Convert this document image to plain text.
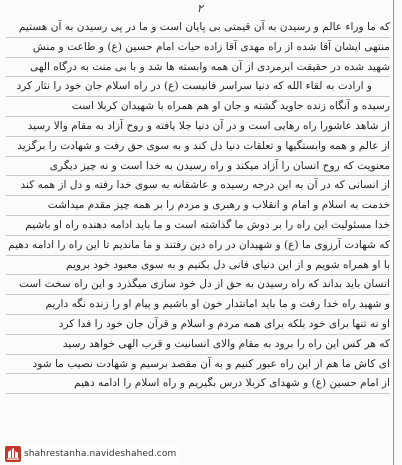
۲
که ما وراء عالم و رسیدن به آن قیمتی بی پایان است و ما در پی رسیدن به آن هستیم
منتهی ایشان آقا شده از راه مهدی آقا زاده حیات امام حسین (ع) و طاعت و منش
شهید شده در حقیقت ابرمردی از آن همه وابسته ها شد و با بی منت به درگاه الهی
و ارادت به لقاء الله که دنیا سراسر فانیست (ع) در راه اسلام جان خود را نثار کرد
رسیده و آنگاه زنده جاوید گشته و جان او هم همراه با شهیدان کربلا است
از شاهد عاشورا راه رهایی است و در آن دنیا جلا یافته و روح آزاد به مقام والا رسید
از عالم و همه وابستگیها و تعلقات دنیا دل کند و به سوی حق رفت و شهادت را برگزید
معنویت که روح انسان را آزاد میکند و راه رسیدن به خدا است و نه چیز دیگری
از انسانی که در آن به این درجه رسیده و عاشقانه به سوی خدا رفته و دل از همه کند
خدمت به اسلام و امام و انقلاب و رهبری و مردم را بر همه چیز مقدم میداشت
خدا مسئولیت این راه را بر دوش ما گذاشته است و ما باید ادامه دهنده راه او باشیم
که شهادت آرزوی ما (ع) و شهیدان در راه دین رفتند و ما ماندیم تا این راه را ادامه دهیم
با او همراه شویم و از این دنیای فانی دل بکنیم و به سوی معبود خود برویم
انسان باید بداند که راه رسیدن به حق از دل خود سازی میگذرد و این راه سخت است
و شهید راه خدا رفت و ما باید امانتدار خون او باشیم و پیام او را زنده نگه داریم
او نه تنها برای خود بلکه برای همه مردم و اسلام و قرآن جان خود را فدا کرد
که هر کس این راه را برود به مقام والای انسانیت و قرب الهی خواهد رسید
ای کاش ما هم از این راه عبور کنیم و به آن مقصد برسیم و شهادت نصیب ما شود
از امام حسین (ع) و شهدای کربلا درس بگیریم و راه اسلام را ادامه دهیم
shahrestanha.navideshahed.com
